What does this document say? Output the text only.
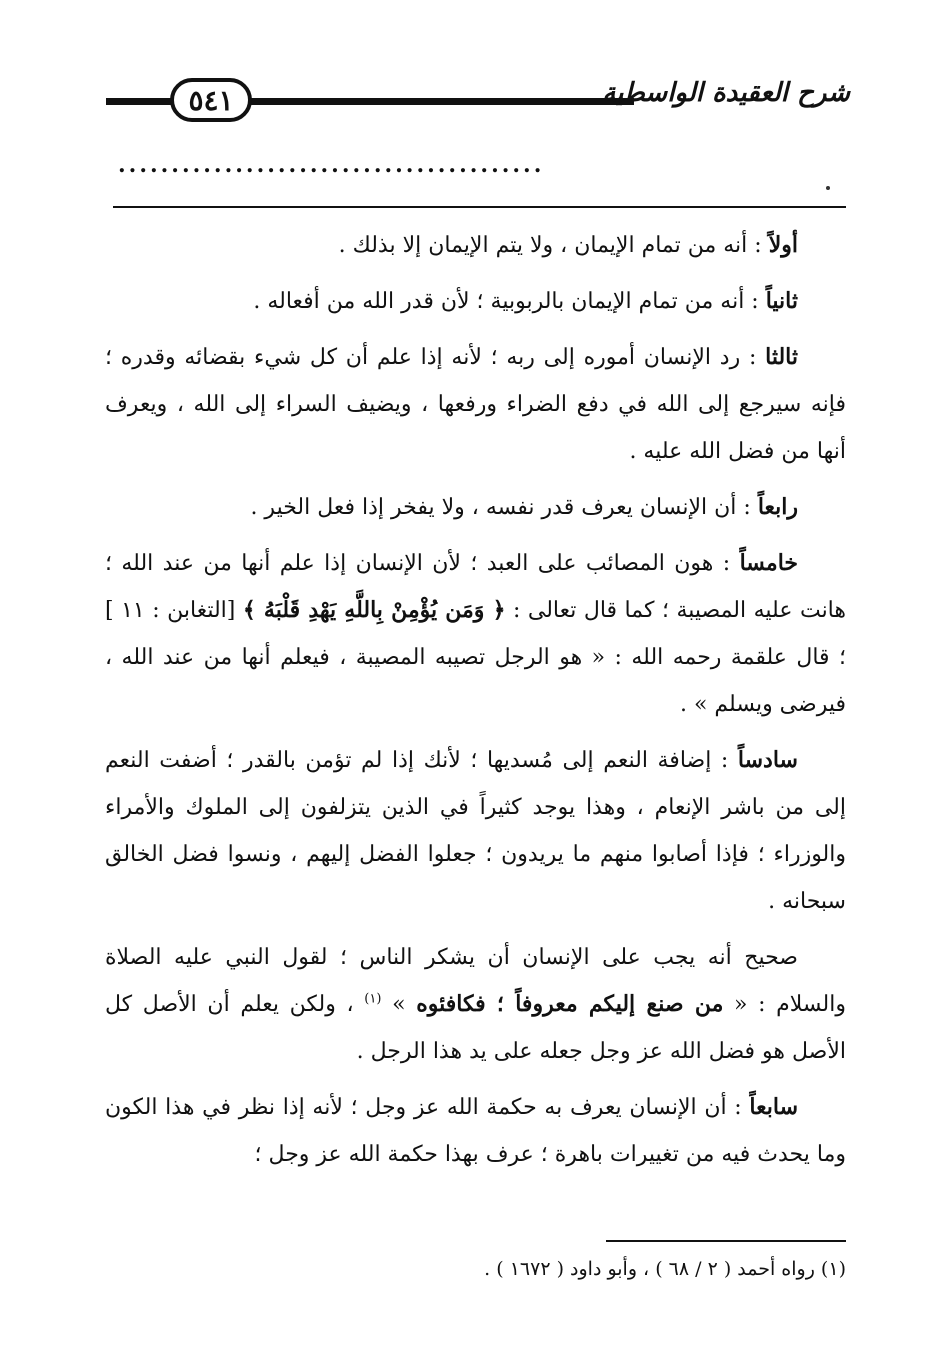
٥٤١	شرح العقيدة الواسطية
........................................

أولاً : أنه من تمام الإيمان ، ولا يتم الإيمان إلا بذلك .

ثانياً : أنه من تمام الإيمان بالربوبية ؛ لأن قدر الله من أفعاله .

ثالثا : رد الإنسان أموره إلى ربه ؛ لأنه إذا علم أن كل شيء بقضائه وقدره ؛ فإنه سيرجع إلى الله في دفع الضراء ورفعها ، ويضيف السراء إلى الله ، ويعرف أنها من فضل الله عليه .

رابعاً : أن الإنسان يعرف قدر نفسه ، ولا يفخر إذا فعل الخير .

خامساً : هون المصائب على العبد ؛ لأن الإنسان إذا علم أنها من عند الله ؛ هانت عليه المصيبة ؛ كما قال تعالى : ﴿ وَمَن يُؤْمِنْ بِاللَّهِ يَهْدِ قَلْبَهُ ﴾ [التغابن : ١١ ] ؛ قال علقمة رحمه الله : « هو الرجل تصيبه المصيبة ، فيعلم أنها من عند الله ، فيرضى ويسلم » .

سادساً : إضافة النعم إلى مُسديها ؛ لأنك إذا لم تؤمن بالقدر ؛ أضفت النعم إلى من باشر الإنعام ، وهذا يوجد كثيراً في الذين يتزلفون إلى الملوك والأمراء والوزراء ؛ فإذا أصابوا منهم ما يريدون ؛ جعلوا الفضل إليهم ، ونسوا فضل الخالق سبحانه .

صحيح أنه يجب على الإنسان أن يشكر الناس ؛ لقول النبي عليه الصلاة والسلام : « من صنع إليكم معروفاً ؛ فكافئوه » $^{(١)}$ ، ولكن يعلم أن الأصل كل الأصل هو فضل الله عز وجل جعله على يد هذا الرجل .

سابعاً : أن الإنسان يعرف به حكمة الله عز وجل ؛ لأنه إذا نظر في هذا الكون وما يحدث فيه من تغييرات باهرة ؛ عرف بهذا حكمة الله عز وجل ؛

(١) رواه أحمد ( ٢ / ٦٨ ) ، وأبو داود ( ١٦٧٢ ) .
